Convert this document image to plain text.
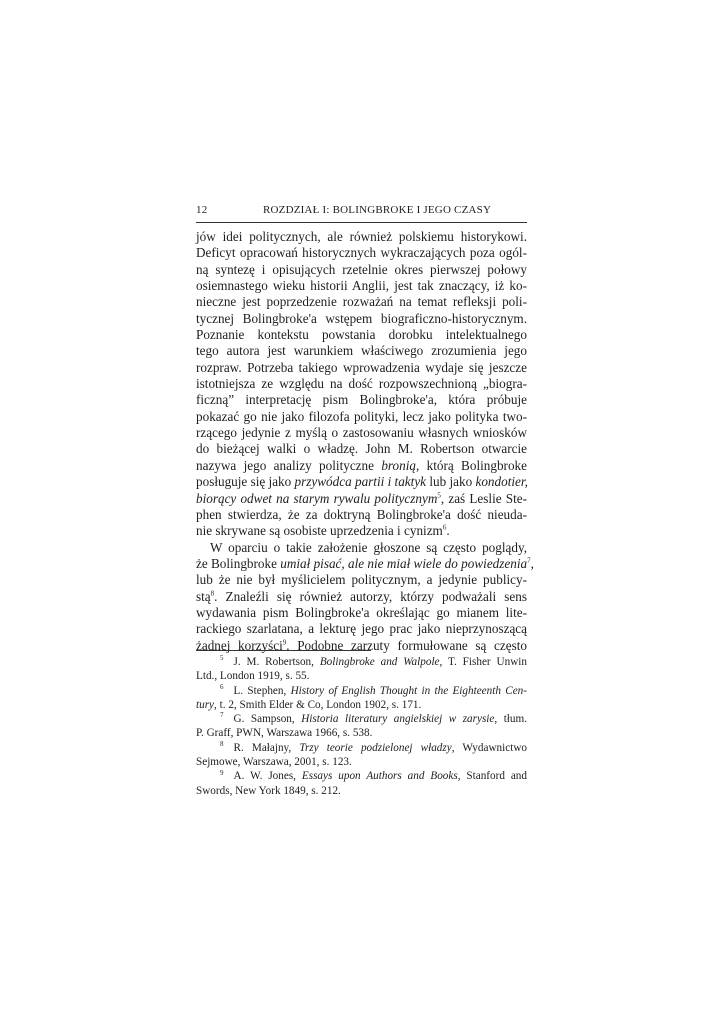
12	ROZDZIAŁ I: BOLINGBROKE I JEGO CZASY

jów idei politycznych, ale również polskiemu historykowi.
Deficyt opracowań historycznych wykraczających poza ogól-
ną syntezę i opisujących rzetelnie okres pierwszej połowy
osiemnastego wieku historii Anglii, jest tak znaczący, iż ko-
nieczne jest poprzedzenie rozważań na temat refleksji poli-
tycznej Bolingbroke'a wstępem biograficzno-historycznym.
Poznanie kontekstu powstania dorobku intelektualnego
tego autora jest warunkiem właściwego zrozumienia jego
rozpraw. Potrzeba takiego wprowadzenia wydaje się jeszcze
istotniejsza ze względu na dość rozpowszechnioną „biogra-
ficzną” interpretację pism Bolingbroke'a, która próbuje
pokazać go nie jako filozofa polityki, lecz jako polityka two-
rzącego jedynie z myślą o zastosowaniu własnych wniosków
do bieżącej walki o władzę. John M. Robertson otwarcie
nazywa jego analizy polityczne bronią, którą Bolingbroke
posługuje się jako przywódca partii i taktyk lub jako kondotier,
biorący odwet na starym rywalu politycznym$^5$, zaś Leslie Ste-
phen stwierdza, że za doktryną Bolingbroke'a dość nieuda-
nie skrywane są osobiste uprzedzenia i cynizm$^6$.

W oparciu o takie założenie głoszone są często poglądy,
że Bolingbroke umiał pisać, ale nie miał wiele do powiedzenia$^7$,
lub że nie był myślicielem politycznym, a jedynie publicy-
stą$^8$. Znaleźli się również autorzy, którzy podważali sens
wydawania pism Bolingbroke'a określając go mianem lite-
rackiego szarlatana, a lekturę jego prac jako nieprzynoszącą
żadnej korzyści$^9$. Podobne zarzuty formułowane są często

$^5$ J. M. Robertson, Bolingbroke and Walpole, T. Fisher Unwin
Ltd., London 1919, s. 55.
$^6$ L. Stephen, History of English Thought in the Eighteenth Cen-
tury, t. 2, Smith Elder & Co, London 1902, s. 171.
$^7$ G. Sampson, Historia literatury angielskiej w zarysie, tłum.
P. Graff, PWN, Warszawa 1966, s. 538.
$^8$ R. Małajny, Trzy teorie podzielonej władzy, Wydawnictwo
Sejmowe, Warszawa, 2001, s. 123.
$^9$ A. W. Jones, Essays upon Authors and Books, Stanford and
Swords, New York 1849, s. 212.
